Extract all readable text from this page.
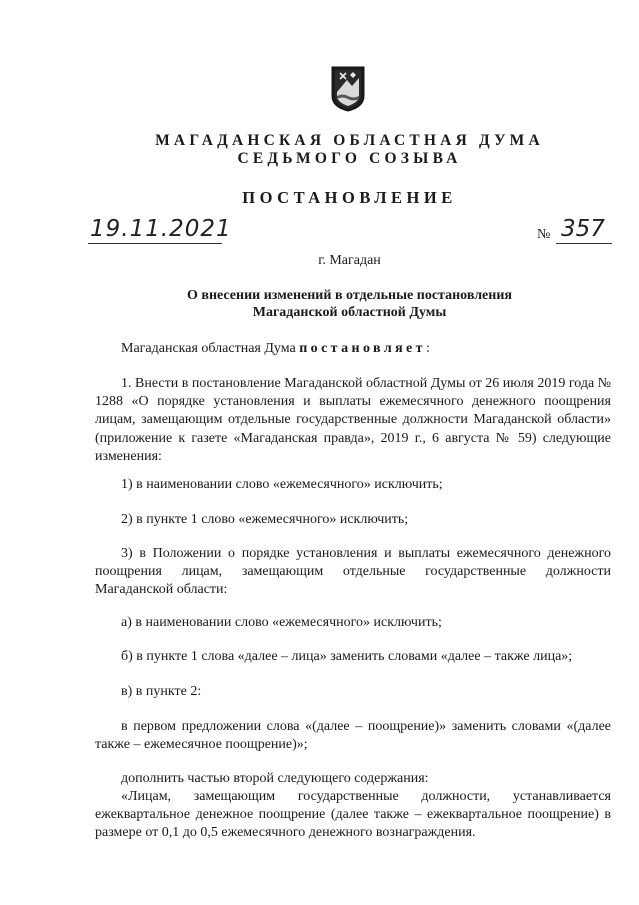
МАГАДАНСКАЯ ОБЛАСТНАЯ ДУМА
СЕДЬМОГО СОЗЫВА
ПОСТАНОВЛЕНИЕ
19.11.2021	№ 357
г. Магадан
О внесении изменений в отдельные постановления
Магаданской областной Думы
Магаданская областная Дума постановляет:
1. Внести в постановление Магаданской областной Думы от 26 июля 2019 года № 1288 «О порядке установления и выплаты ежемесячного денежного поощрения лицам, замещающим отдельные государственные должности Магаданской области» (приложение к газете «Магаданская правда», 2019 г., 6 августа № 59) следующие изменения:
1) в наименовании слово «ежемесячного» исключить;
2) в пункте 1 слово «ежемесячного» исключить;
3) в Положении о порядке установления и выплаты ежемесячного денежного поощрения лицам, замещающим отдельные государственные должности Магаданской области:
а) в наименовании слово «ежемесячного» исключить;
б) в пункте 1 слова «далее – лица» заменить словами «далее – также лица»;
в) в пункте 2:
в первом предложении слова «(далее – поощрение)» заменить словами «(далее также – ежемесячное поощрение)»;
дополнить частью второй следующего содержания:
«Лицам, замещающим государственные должности, устанавливается ежеквартальное денежное поощрение (далее также – ежеквартальное поощрение) в размере от 0,1 до 0,5 ежемесячного денежного вознаграждения.
